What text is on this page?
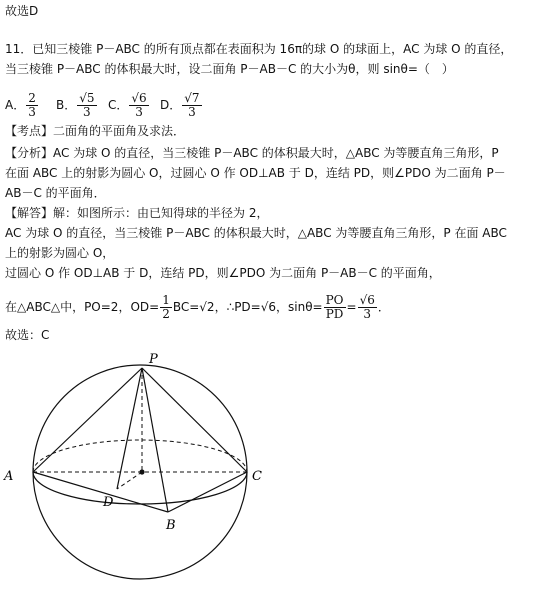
故选D
11．已知三棱锥 P－ABC 的所有顶点都在表面积为 16π的球 O 的球面上，AC 为球 O 的直径，
当三棱锥 P－ABC 的体积最大时，设二面角 P－AB－C 的大小为θ，则 sinθ=（　）
A． $\frac{2}{3}$ B． $\frac{√5}{3}$ C． $\frac{√6}{3}$ D． $\frac{√7}{3}$
【考点】二面角的平面角及求法．
【分析】AC 为球 O 的直径，当三棱锥 P－ABC 的体积最大时，△ABC 为等腰直角三角形，P
在面 ABC 上的射影为圆心 O，过圆心 O 作 OD⊥AB 于 D，连结 PD，则∠PDO 为二面角 P－
AB－C 的平面角．
【解答】解：如图所示：由已知得球的半径为 2，
AC 为球 O 的直径，当三棱锥 P－ABC 的体积最大时，△ABC 为等腰直角三角形，P 在面 ABC
上的射影为圆心 O，
过圆心 O 作 OD⊥AB 于 D，连结 PD，则∠PDO 为二面角 P－AB－C 的平面角，
在△ABC△中，PO=2，$OD= \frac{1}{2} BC=√2$，∴PD=√6，$\sin\theta= \frac{PO}{PD} = \frac{√6}{3}$ ．
故选：C
P
A	C
D
B
